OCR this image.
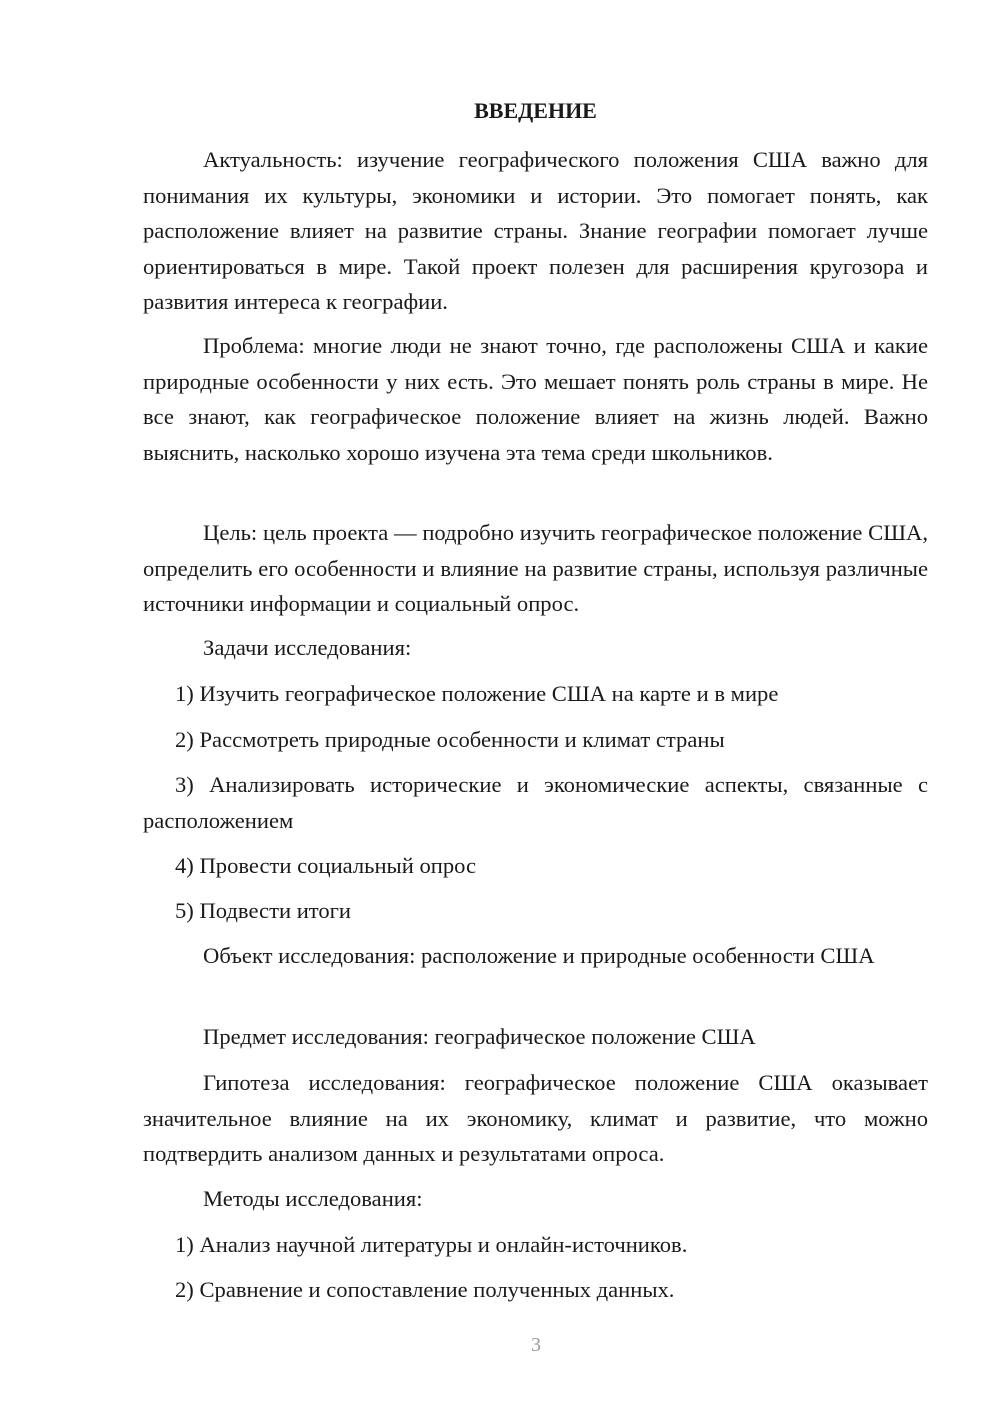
ВВЕДЕНИЕ

Актуальность: изучение географического положения США важно для понимания их культуры, экономики и истории. Это помогает понять, как расположение влияет на развитие страны. Знание географии помогает лучше ориентироваться в мире. Такой проект полезен для расширения кругозора и развития интереса к географии.

Проблема: многие люди не знают точно, где расположены США и какие природные особенности у них есть. Это мешает понять роль страны в мире. Не все знают, как географическое положение влияет на жизнь людей. Важно выяснить, насколько хорошо изучена эта тема среди школьников.

Цель: цель проекта — подробно изучить географическое положение США, определить его особенности и влияние на развитие страны, используя различные источники информации и социальный опрос.

Задачи исследования:

1) Изучить географическое положение США на карте и в мире

2) Рассмотреть природные особенности и климат страны

3) Анализировать исторические и экономические аспекты, связанные с расположением

4) Провести социальный опрос

5) Подвести итоги

Объект исследования: расположение и природные особенности США

Предмет исследования: географическое положение США

Гипотеза исследования: географическое положение США оказывает значительное влияние на их экономику, климат и развитие, что можно подтвердить анализом данных и результатами опроса.

Методы исследования:

1) Анализ научной литературы и онлайн-источников.

2) Сравнение и сопоставление полученных данных.

3
